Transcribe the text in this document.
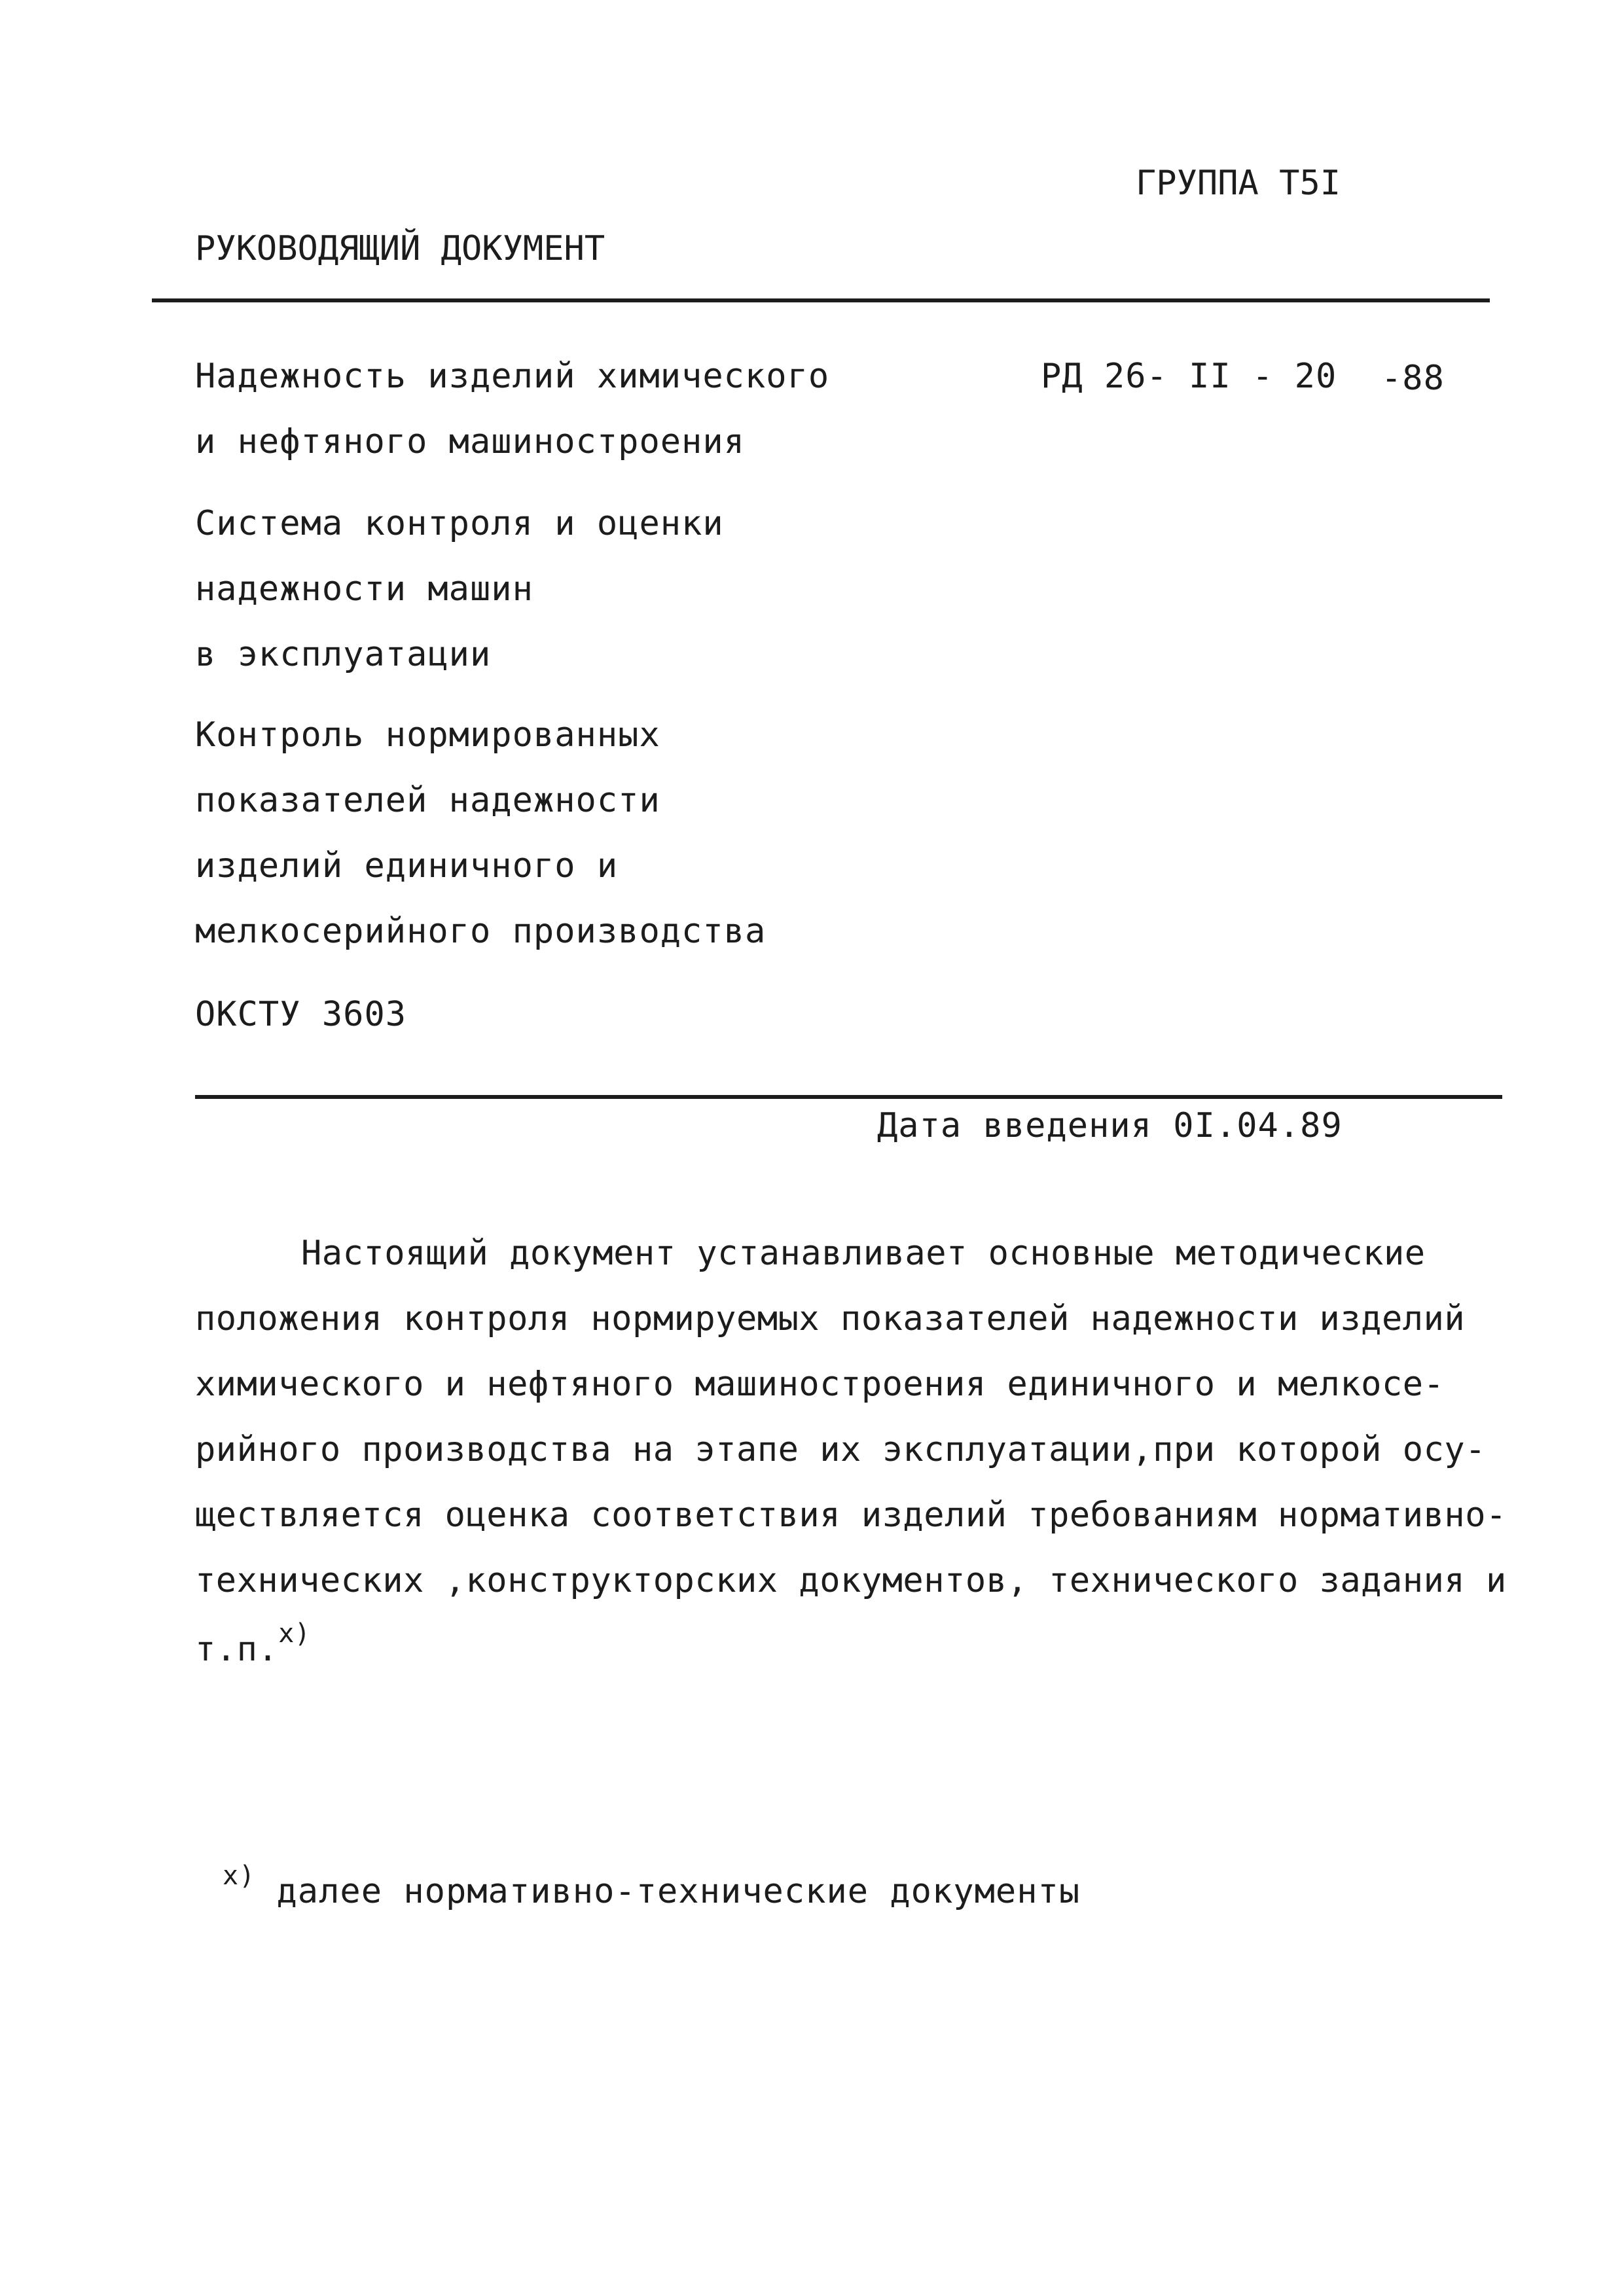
ГРУППА Т5I
РУКОВОДЯЩИЙ ДОКУМЕНТ
Надежность изделий химического
и нефтяного машиностроения
Система контроля и оценки
надежности машин
в эксплуатации
Контроль нормированных
показателей надежности
изделий единичного и
мелкосерийного производства
ОКСТУ 3603
РД 26- II - 20 -88
Дата введения 0I.04.89
Настоящий документ устанавливает основные методические
положения контроля нормируемых показателей надежности изделий
химического и нефтяного машиностроения единичного и мелкосе-
рийного производства на этапе их эксплуатации,при которой осу-
ществляется оценка соответствия изделий требованиям нормативно-
технических ,конструкторских документов, технического задания и
т.п.$^{x)}$
$^{x)}$ далее нормативно-технические документы
